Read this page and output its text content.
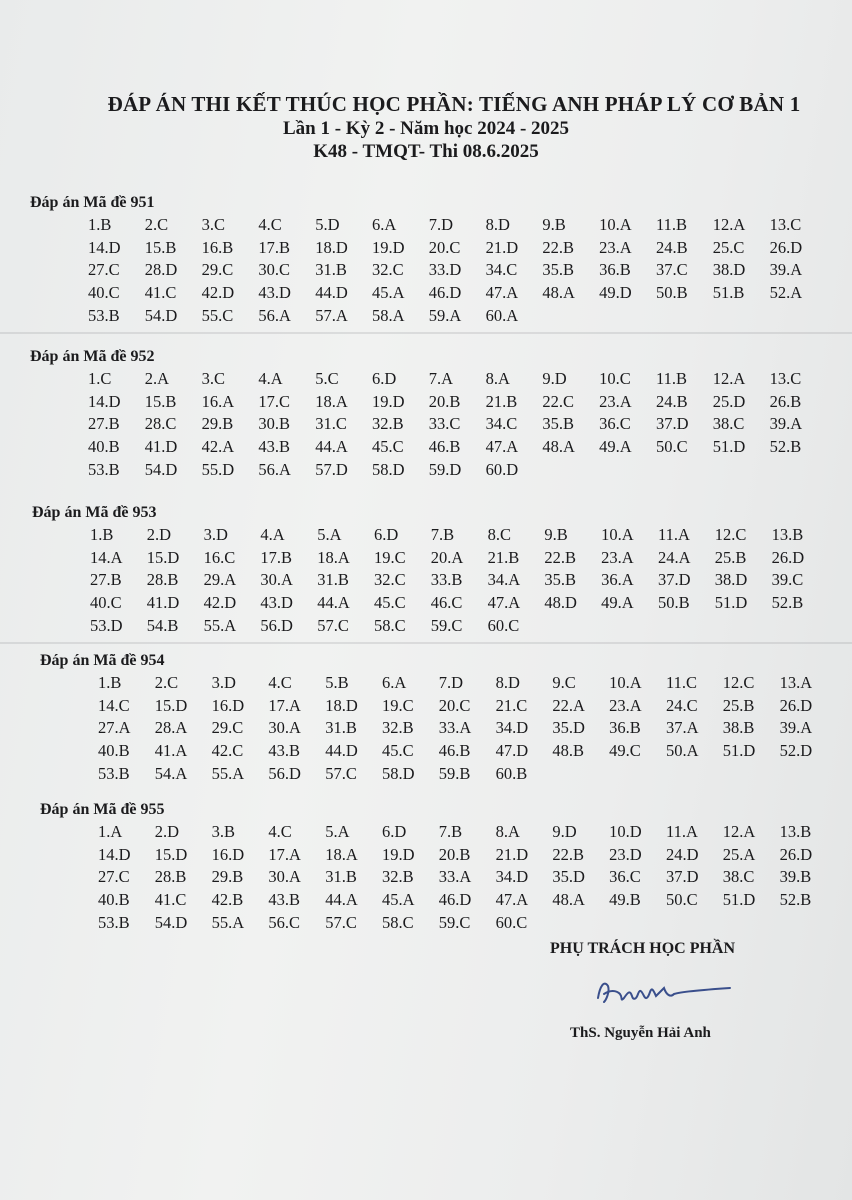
ĐÁP ÁN THI KẾT THÚC HỌC PHẦN: TIẾNG ANH PHÁP LÝ CƠ BẢN 1
Lần 1 - Kỳ 2 - Năm học 2024 - 2025
K48 - TMQT- Thi 08.6.2025
Đáp án Mã đề 951
1.B	2.C	3.C	4.C	5.D	6.A	7.D	8.D	9.B	10.A	11.B	12.A	13.C
14.D	15.B	16.B	17.B	18.D	19.D	20.C	21.D	22.B	23.A	24.B	25.C	26.D
27.C	28.D	29.C	30.C	31.B	32.C	33.D	34.C	35.B	36.B	37.C	38.D	39.A
40.C	41.C	42.D	43.D	44.D	45.A	46.D	47.A	48.A	49.D	50.B	51.B	52.A
53.B	54.D	55.C	56.A	57.A	58.A	59.A	60.A
Đáp án Mã đề 952
1.C	2.A	3.C	4.A	5.C	6.D	7.A	8.A	9.D	10.C	11.B	12.A	13.C
14.D	15.B	16.A	17.C	18.A	19.D	20.B	21.B	22.C	23.A	24.B	25.D	26.B
27.B	28.C	29.B	30.B	31.C	32.B	33.C	34.C	35.B	36.C	37.D	38.C	39.A
40.B	41.D	42.A	43.B	44.A	45.C	46.B	47.A	48.A	49.A	50.C	51.D	52.B
53.B	54.D	55.D	56.A	57.D	58.D	59.D	60.D
Đáp án Mã đề 953
1.B	2.D	3.D	4.A	5.A	6.D	7.B	8.C	9.B	10.A	11.A	12.C	13.B
14.A	15.D	16.C	17.B	18.A	19.C	20.A	21.B	22.B	23.A	24.A	25.B	26.D
27.B	28.B	29.A	30.A	31.B	32.C	33.B	34.A	35.B	36.A	37.D	38.D	39.C
40.C	41.D	42.D	43.D	44.A	45.C	46.C	47.A	48.D	49.A	50.B	51.D	52.B
53.D	54.B	55.A	56.D	57.C	58.C	59.C	60.C
Đáp án Mã đề 954
1.B	2.C	3.D	4.C	5.B	6.A	7.D	8.D	9.C	10.A	11.C	12.C	13.A
14.C	15.D	16.D	17.A	18.D	19.C	20.C	21.C	22.A	23.A	24.C	25.B	26.D
27.A	28.A	29.C	30.A	31.B	32.B	33.A	34.D	35.D	36.B	37.A	38.B	39.A
40.B	41.A	42.C	43.B	44.D	45.C	46.B	47.D	48.B	49.C	50.A	51.D	52.D
53.B	54.A	55.A	56.D	57.C	58.D	59.B	60.B
Đáp án Mã đề 955
1.A	2.D	3.B	4.C	5.A	6.D	7.B	8.A	9.D	10.D	11.A	12.A	13.B
14.D	15.D	16.D	17.A	18.A	19.D	20.B	21.D	22.B	23.D	24.D	25.A	26.D
27.C	28.B	29.B	30.A	31.B	32.B	33.A	34.D	35.D	36.C	37.D	38.C	39.B
40.B	41.C	42.B	43.B	44.A	45.A	46.D	47.A	48.A	49.B	50.C	51.D	52.B
53.B	54.D	55.A	56.C	57.C	58.C	59.C	60.C
PHỤ TRÁCH HỌC PHẦN
ThS. Nguyễn Hải Anh
